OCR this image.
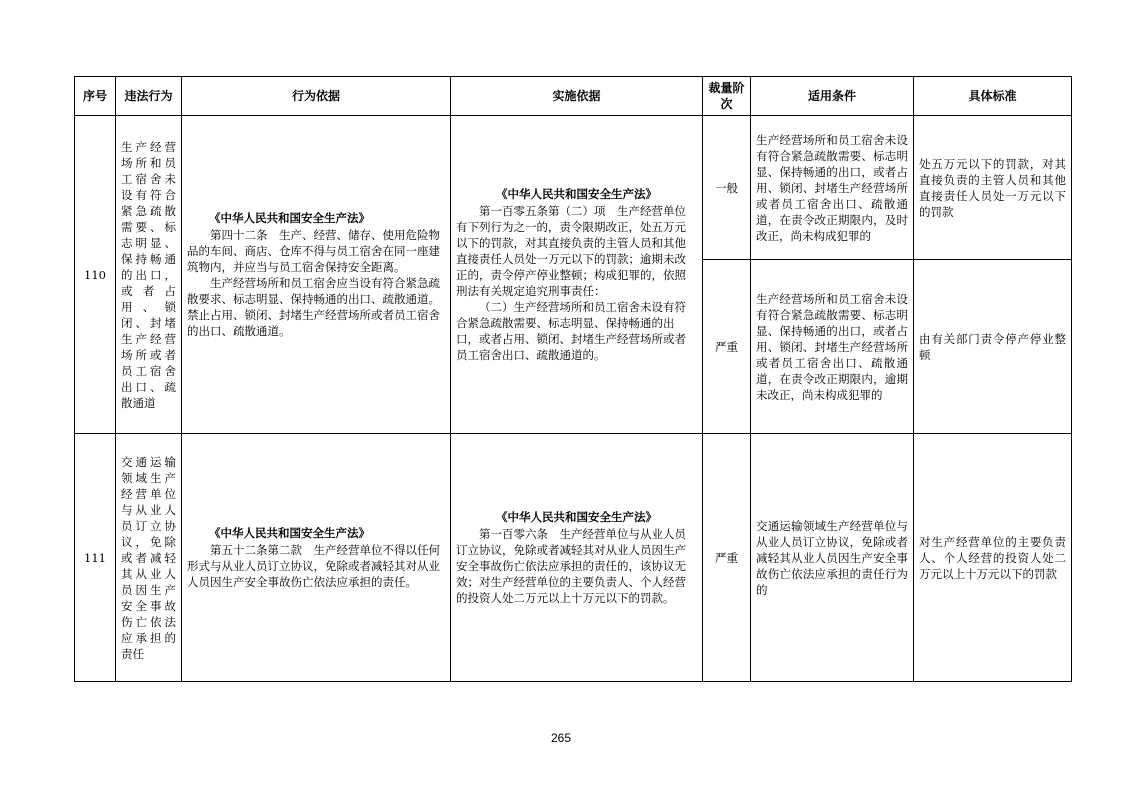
序号	违法行为	行为依据	实施依据	裁量阶次	适用条件	具体标准
110	生产经营场所和员工宿舍未设有符合紧急疏散需要、标志明显、保持畅通的出口，或者占用、锁闭、封堵生产经营场所或者员工宿舍出口、疏散通道	《中华人民共和国安全生产法》
第四十二条　生产、经营、储存、使用危险物品的车间、商店、仓库不得与员工宿舍在同一座建筑物内，并应当与员工宿舍保持安全距离。
生产经营场所和员工宿舍应当设有符合紧急疏散要求、标志明显、保持畅通的出口、疏散通道。禁止占用、锁闭、封堵生产经营场所或者员工宿舍的出口、疏散通道。	《中华人民共和国安全生产法》
第一百零五条第（二）项　生产经营单位有下列行为之一的，责令限期改正，处五万元以下的罚款，对其直接负责的主管人员和其他直接责任人员处一万元以下的罚款；逾期未改正的，责令停产停业整顿；构成犯罪的，依照刑法有关规定追究刑事责任：
（二）生产经营场所和员工宿舍未设有符合紧急疏散需要、标志明显、保持畅通的出口，或者占用、锁闭、封堵生产经营场所或者员工宿舍出口、疏散通道的。	一般	生产经营场所和员工宿舍未设有符合紧急疏散需要、标志明显、保持畅通的出口，或者占用、锁闭、封堵生产经营场所或者员工宿舍出口、疏散通道，在责令改正期限内，及时改正，尚未构成犯罪的	处五万元以下的罚款，对其直接负责的主管人员和其他直接责任人员处一万元以下的罚款
				严重	生产经营场所和员工宿舍未设有符合紧急疏散需要、标志明显、保持畅通的出口，或者占用、锁闭、封堵生产经营场所或者员工宿舍出口、疏散通道，在责令改正期限内，逾期未改正，尚未构成犯罪的	由有关部门责令停产停业整顿
111	交通运输领域生产经营单位与从业人员订立协议，免除或者减轻其从业人员因生产安全事故伤亡依法应承担的责任	《中华人民共和国安全生产法》
第五十二条第二款　生产经营单位不得以任何形式与从业人员订立协议，免除或者减轻其对从业人员因生产安全事故伤亡依法应承担的责任。	《中华人民共和国安全生产法》
第一百零六条　生产经营单位与从业人员订立协议，免除或者减轻其对从业人员因生产安全事故伤亡依法应承担的责任的，该协议无效；对生产经营单位的主要负责人、个人经营的投资人处二万元以上十万元以下的罚款。	严重	交通运输领域生产经营单位与从业人员订立协议，免除或者减轻其从业人员因生产安全事故伤亡依法应承担的责任行为的	对生产经营单位的主要负责人、个人经营的投资人处二万元以上十万元以下的罚款
265
